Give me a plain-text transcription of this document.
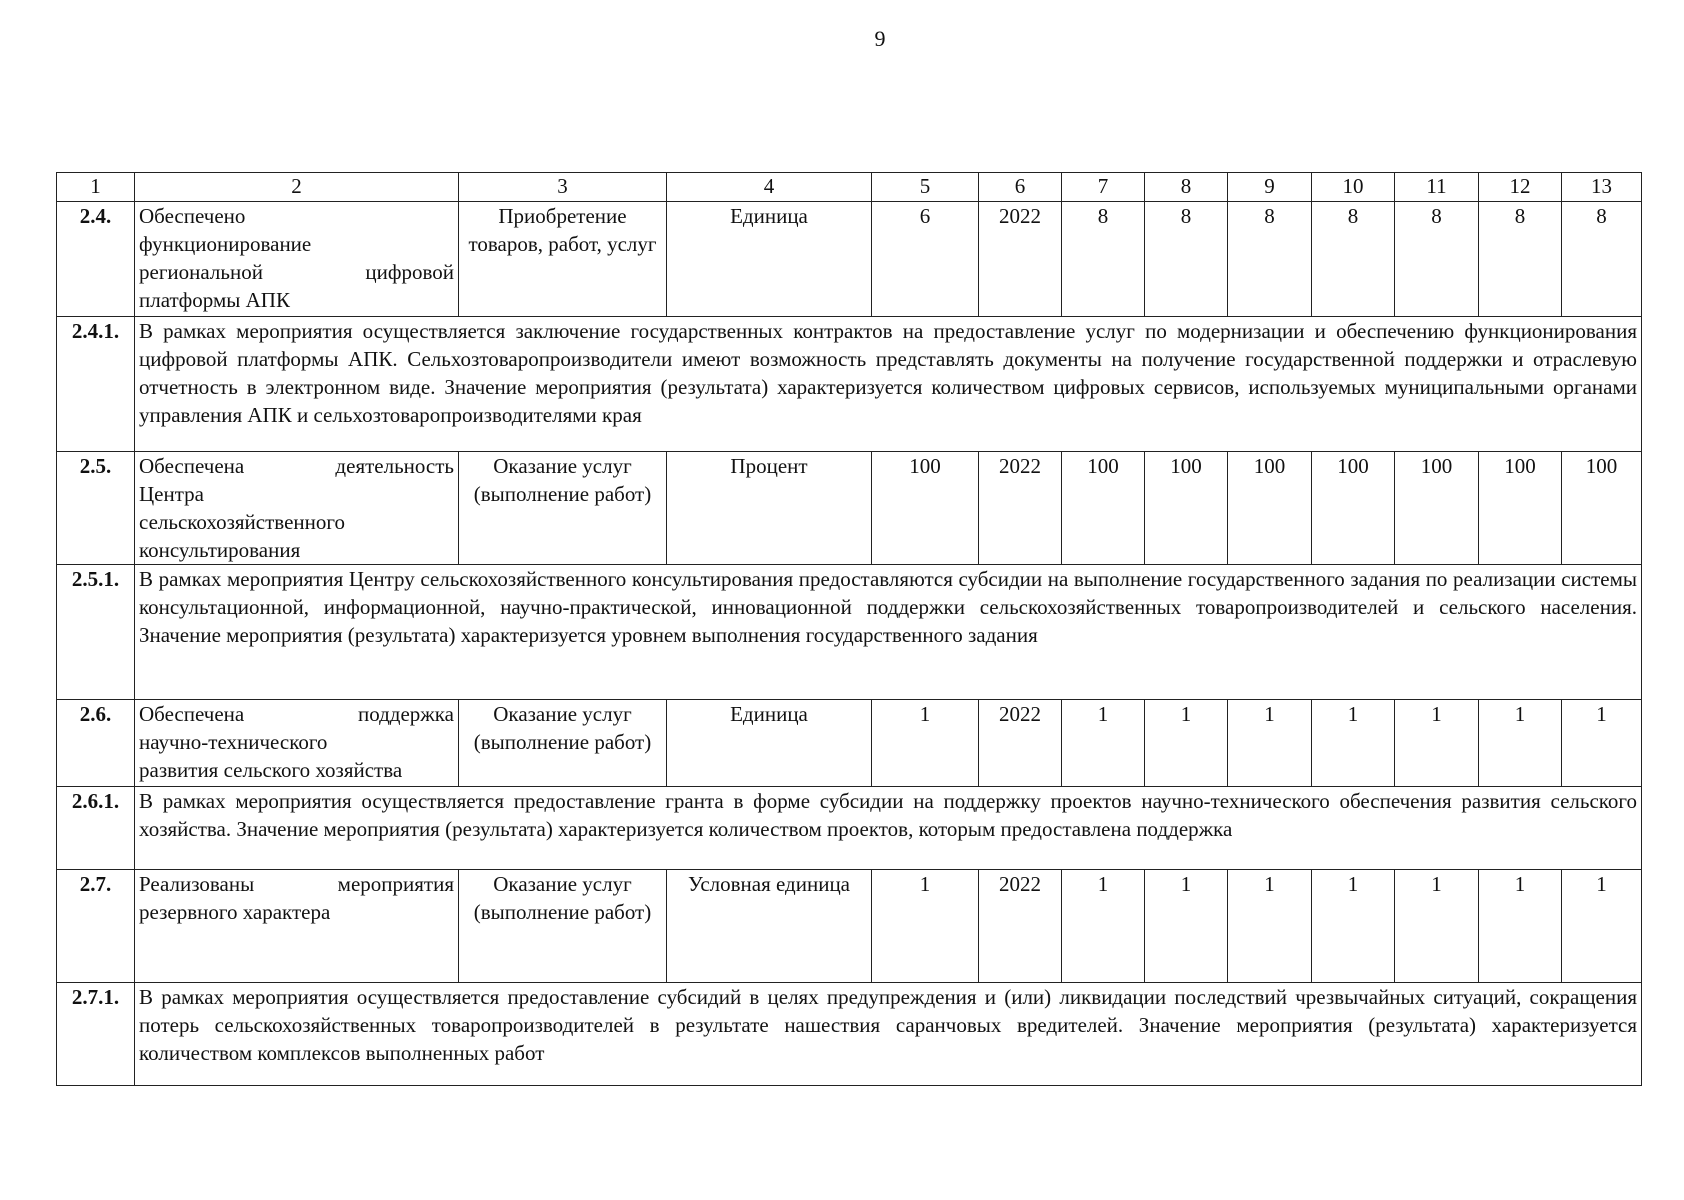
9
1	2	3	4	5	6	7	8	9	10	11	12	13
2.4.	Обеспечено
функционирование

региональной цифровой
платформы АПК	Приобретение товаров, работ, услуг	Единица	6	2022	8	8	8	8	8	8	8
2.4.1.	В рамках мероприятия осуществляется заключение государственных контрактов на предоставление услуг по модернизации и обеспечению функционирования цифровой платформы АПК. Сельхозтоваропроизводители имеют возможность представлять документы на получение государственной поддержки и отраслевую отчетность в электронном виде. Значение мероприятия (результата) характеризуется количеством цифровых сервисов, используемых муниципальными органами управления АПК и сельхозтоваропроизводителями края											
2.5.	Обеспечена деятельность
Центра
сельскохозяйственного
консультирования	Оказание услуг (выполнение работ)	Процент	100	2022	100	100	100	100	100	100	100
2.5.1.	В рамках мероприятия Центру сельскохозяйственного консультирования предоставляются субсидии на выполнение государственного задания по реализации системы консультационной, информационной, научно-практической, инновационной поддержки сельскохозяйственных товаропроизводителей и сельского населения. Значение мероприятия (результата) характеризуется уровнем выполнения государственного задания											
2.6.	Обеспечена поддержка
научно-технического
развития сельского хозяйства	Оказание услуг (выполнение работ)	Единица	1	2022	1	1	1	1	1	1	1
2.6.1.	В рамках мероприятия осуществляется предоставление гранта в форме субсидии на поддержку проектов научно-технического обеспечения развития сельского хозяйства. Значение мероприятия (результата) характеризуется количеством проектов, которым предоставлена поддержка											
2.7.	Реализованы мероприятия
резервного характера	Оказание услуг (выполнение работ)	Условная единица	1	2022	1	1	1	1	1	1	1
2.7.1.	В рамках мероприятия осуществляется предоставление субсидий в целях предупреждения и (или) ликвидации последствий чрезвычайных ситуаций, сокращения потерь сельскохозяйственных товаропроизводителей в результате нашествия саранчовых вредителей. Значение мероприятия (результата) характеризуется количеством комплексов выполненных работ											
